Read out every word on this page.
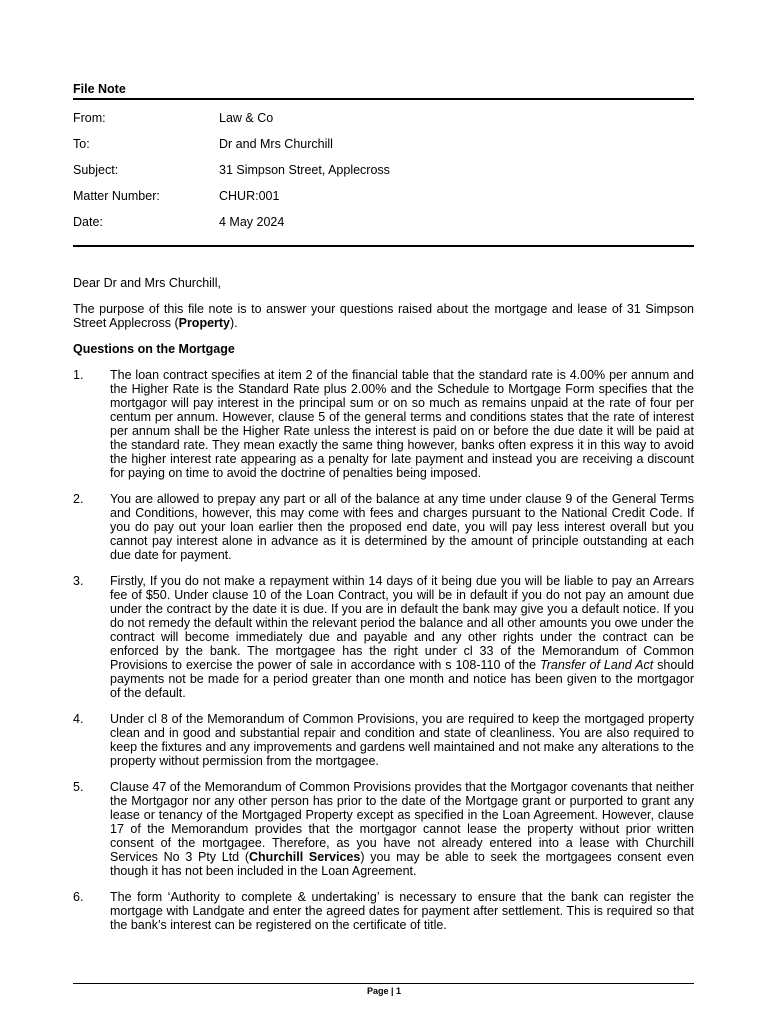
File Note
From:	Law & Co
To:	Dr and Mrs Churchill
Subject:	31 Simpson Street, Applecross
Matter Number:	CHUR:001
Date:	4 May 2024

Dear Dr and Mrs Churchill,

The purpose of this file note is to answer your questions raised about the mortgage and lease of 31 Simpson Street Applecross (Property).

Questions on the Mortgage

1.	The loan contract specifies at item 2 of the financial table that the standard rate is 4.00% per annum and the Higher Rate is the Standard Rate plus 2.00% and the Schedule to Mortgage Form specifies that the mortgagor will pay interest in the principal sum or on so much as remains unpaid at the rate of four per centum per annum. However, clause 5 of the general terms and conditions states that the rate of interest per annum shall be the Higher Rate unless the interest is paid on or before the due date it will be paid at the standard rate. They mean exactly the same thing however, banks often express it in this way to avoid the higher interest rate appearing as a penalty for late payment and instead you are receiving a discount for paying on time to avoid the doctrine of penalties being imposed.
2.	You are allowed to prepay any part or all of the balance at any time under clause 9 of the General Terms and Conditions, however, this may come with fees and charges pursuant to the National Credit Code. If you do pay out your loan earlier then the proposed end date, you will pay less interest overall but you cannot pay interest alone in advance as it is determined by the amount of principle outstanding at each due date for payment.
3.	Firstly, If you do not make a repayment within 14 days of it being due you will be liable to pay an Arrears fee of $50. Under clause 10 of the Loan Contract, you will be in default if you do not pay an amount due under the contract by the date it is due. If you are in default the bank may give you a default notice. If you do not remedy the default within the relevant period the balance and all other amounts you owe under the contract will become immediately due and payable and any other rights under the contract can be enforced by the bank. The mortgagee has the right under cl 33 of the Memorandum of Common Provisions to exercise the power of sale in accordance with s 108-110 of the Transfer of Land Act should payments not be made for a period greater than one month and notice has been given to the mortgagor of the default.
4.	Under cl 8 of the Memorandum of Common Provisions, you are required to keep the mortgaged property clean and in good and substantial repair and condition and state of cleanliness. You are also required to keep the fixtures and any improvements and gardens well maintained and not make any alterations to the property without permission from the mortgagee.
5.	Clause 47 of the Memorandum of Common Provisions provides that the Mortgagor covenants that neither the Mortgagor nor any other person has prior to the date of the Mortgage grant or purported to grant any lease or tenancy of the Mortgaged Property except as specified in the Loan Agreement. However, clause 17 of the Memorandum provides that the mortgagor cannot lease the property without prior written consent of the mortgagee. Therefore, as you have not already entered into a lease with Churchill Services No 3 Pty Ltd (Churchill Services) you may be able to seek the mortgagees consent even though it has not been included in the Loan Agreement.
6.	The form ‘Authority to complete & undertaking’ is necessary to ensure that the bank can register the mortgage with Landgate and enter the agreed dates for payment after settlement. This is required so that the bank’s interest can be registered on the certificate of title.
Page | 1
